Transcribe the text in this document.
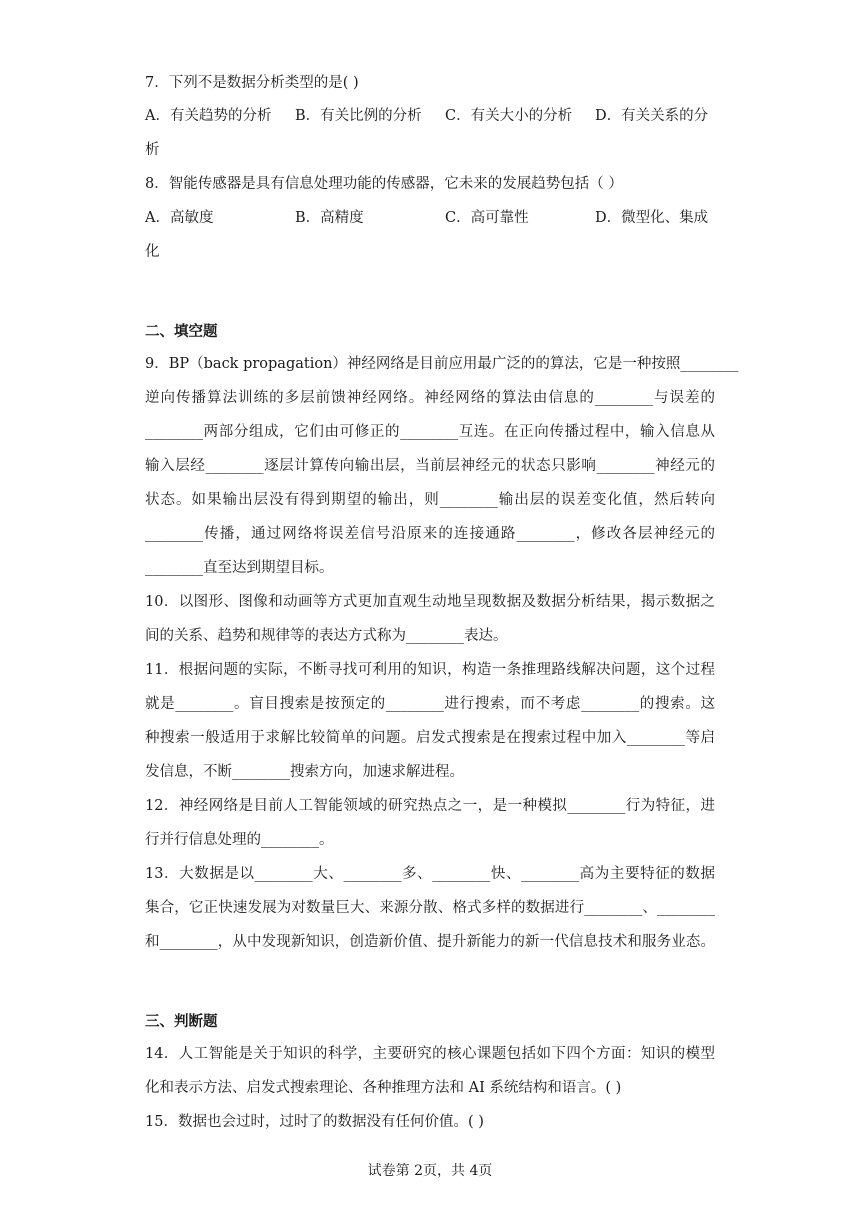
7．下列不是数据分析类型的是( )
A．有关趋势的分析 B．有关比例的分析 C．有关大小的分析 D．有关关系的分
析
8．智能传感器是具有信息处理功能的传感器，它未来的发展趋势包括（ ）
A．高敏度	B．高精度	C．高可靠性	D．微型化、集成
化
二、填空题
9．BP（back propagation）神经网络是目前应用最广泛的的算法，它是一种按照________
逆向传播算法训练的多层前馈神经网络。神经网络的算法由信息的________与误差的
________两部分组成，它们由可修正的________互连。在正向传播过程中，输入信息从
输入层经________逐层计算传向输出层，当前层神经元的状态只影响________神经元的
状态。如果输出层没有得到期望的输出，则________输出层的误差变化值，然后转向
________传播，通过网络将误差信号沿原来的连接通路________，修改各层神经元的
________直至达到期望目标。
10．以图形、图像和动画等方式更加直观生动地呈现数据及数据分析结果，揭示数据之
间的关系、趋势和规律等的表达方式称为________表达。
11．根据问题的实际，不断寻找可利用的知识，构造一条推理路线解决问题，这个过程
就是________。盲目搜索是按预定的________进行搜索，而不考虑________的搜索。这
种搜索一般适用于求解比较简单的问题。启发式搜索是在搜索过程中加入________等启
发信息，不断________搜索方向，加速求解进程。
12．神经网络是目前人工智能领域的研究热点之一，是一种模拟________行为特征，进
行并行信息处理的________。
13．大数据是以________大、________多、________快、________高为主要特征的数据
集合，它正快速发展为对数量巨大、来源分散、格式多样的数据进行________、________
和________，从中发现新知识，创造新价值、提升新能力的新一代信息技术和服务业态。
三、判断题
14．人工智能是关于知识的科学，主要研究的核心课题包括如下四个方面：知识的模型
化和表示方法、启发式搜索理论、各种推理方法和 AI 系统结构和语言。( )
15．数据也会过时，过时了的数据没有任何价值。( )
试卷第 2页，共 4页
